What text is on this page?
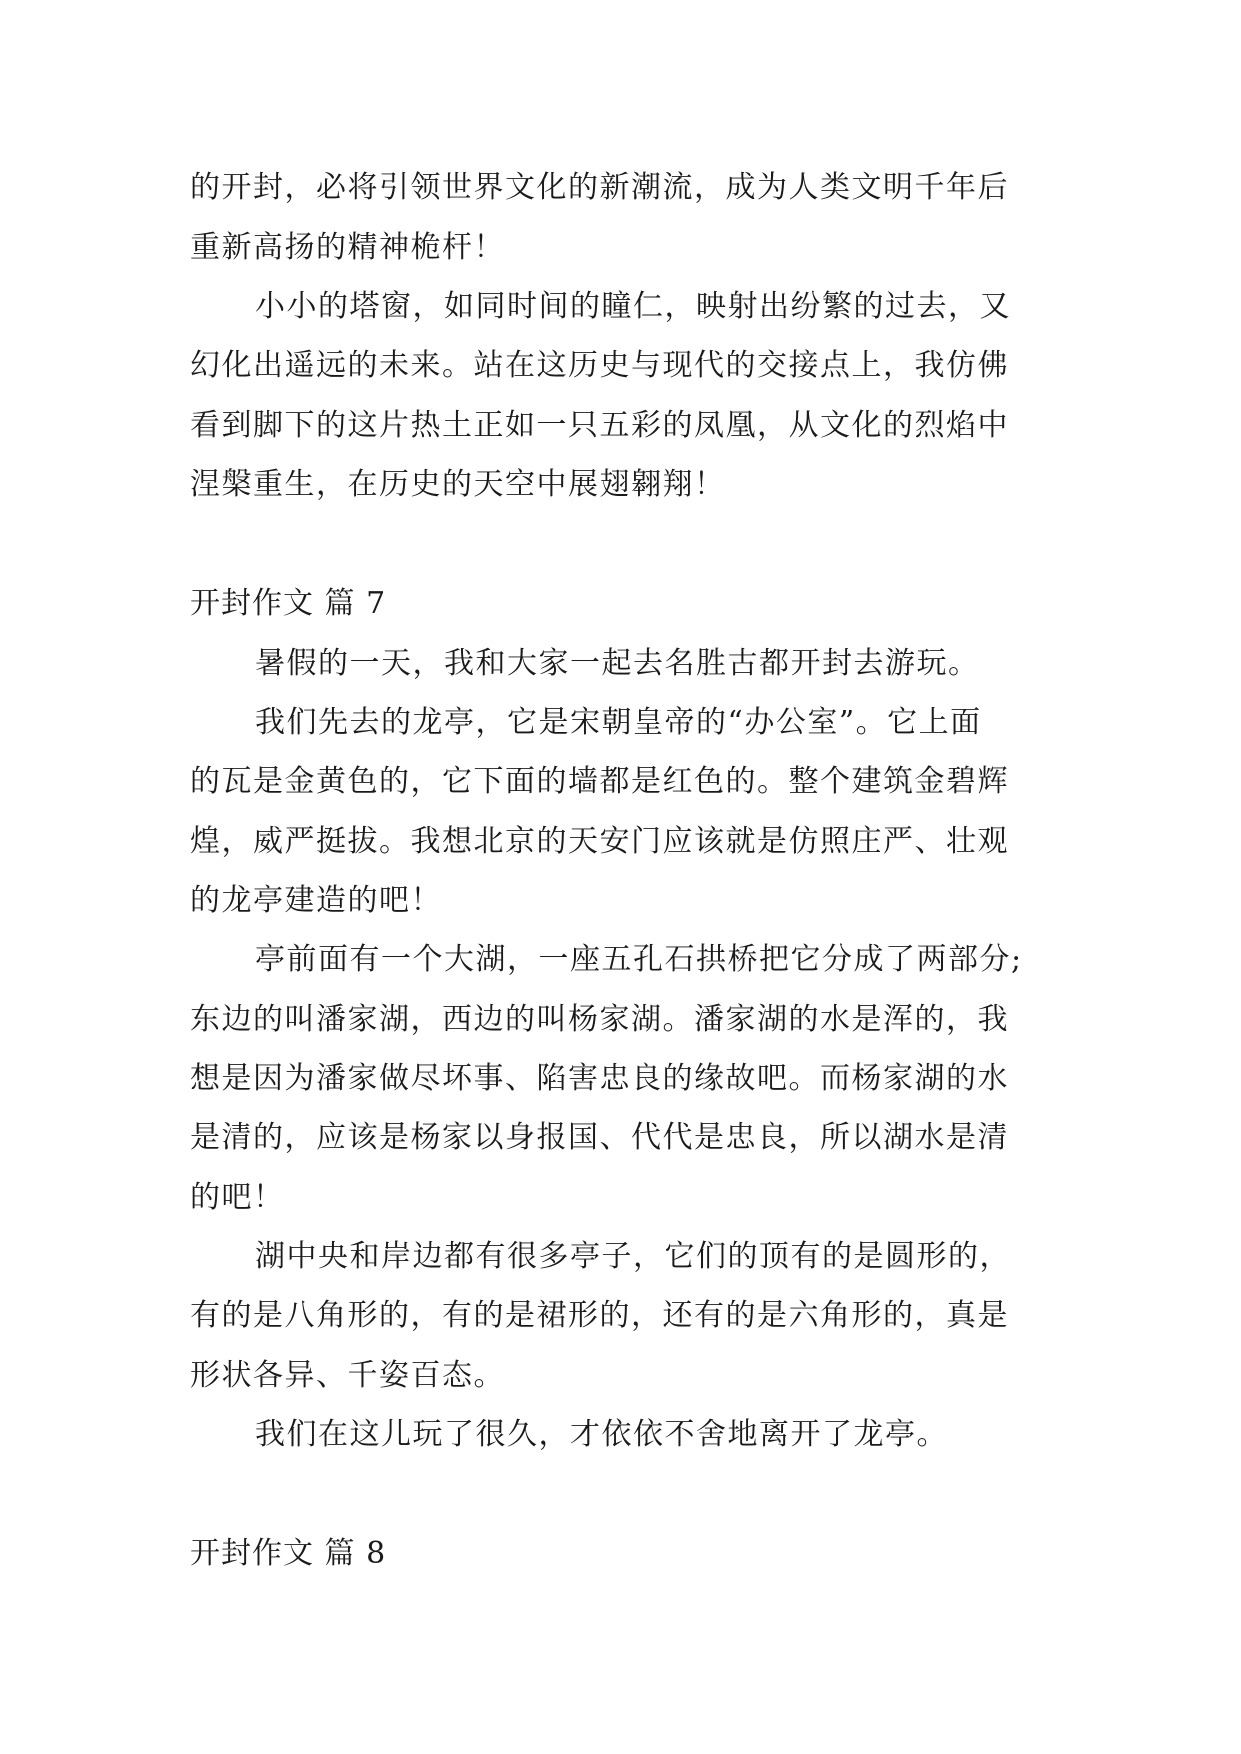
的开封，必将引领世界文化的新潮流，成为人类文明千年后
重新高扬的精神桅杆！
小小的塔窗，如同时间的瞳仁，映射出纷繁的过去，又
幻化出遥远的未来。站在这历史与现代的交接点上，我仿佛
看到脚下的这片热土正如一只五彩的凤凰，从文化的烈焰中
涅槃重生，在历史的天空中展翅翱翔！
开封作文 篇 7
暑假的一天，我和大家一起去名胜古都开封去游玩。
我们先去的龙亭，它是宋朝皇帝的“办公室”。它上面
的瓦是金黄色的，它下面的墙都是红色的。整个建筑金碧辉
煌，威严挺拔。我想北京的天安门应该就是仿照庄严、壮观
的龙亭建造的吧！
亭前面有一个大湖，一座五孔石拱桥把它分成了两部分;
东边的叫潘家湖，西边的叫杨家湖。潘家湖的水是浑的，我
想是因为潘家做尽坏事、陷害忠良的缘故吧。而杨家湖的水
是清的，应该是杨家以身报国、代代是忠良，所以湖水是清
的吧！
湖中央和岸边都有很多亭子，它们的顶有的是圆形的，
有的是八角形的，有的是裙形的，还有的是六角形的，真是
形状各异、千姿百态。
我们在这儿玩了很久，才依依不舍地离开了龙亭。
开封作文 篇 8
